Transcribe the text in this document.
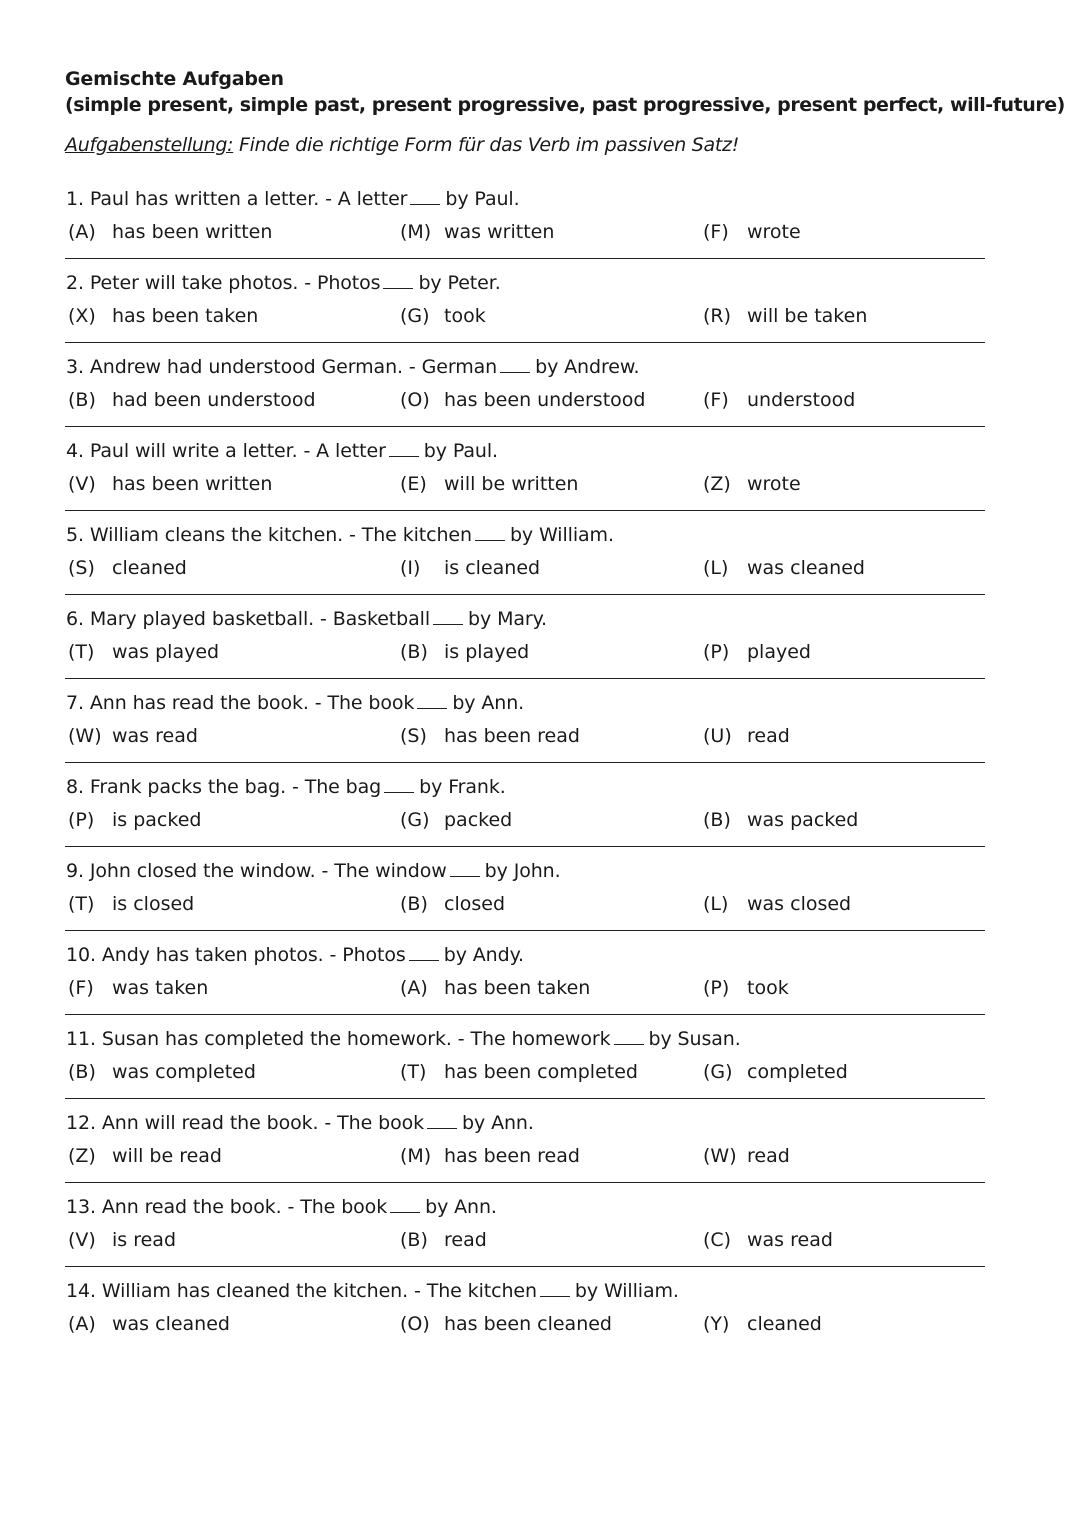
Gemischte Aufgaben

(simple present, simple past, present progressive, past progressive, present perfect, will-future)

Aufgabenstellung: Finde die richtige Form für das Verb im passiven Satz!
1. Paul has written a letter. - A letter by Paul.
(A) has been written	(M) was written	(F) wrote
2. Peter will take photos. - Photos by Peter.
(X) has been taken	(G) took	(R) will be taken
3. Andrew had understood German. - German by Andrew.
(B) had been understood	(O) has been understood	(F) understood
4. Paul will write a letter. - A letter by Paul.
(V) has been written	(E) will be written	(Z) wrote
5. William cleans the kitchen. - The kitchen by William.
(S) cleaned	(I) is cleaned	(L) was cleaned
6. Mary played basketball. - Basketball by Mary.
(T) was played	(B) is played	(P) played
7. Ann has read the book. - The book by Ann.
(W) was read	(S) has been read	(U) read
8. Frank packs the bag. - The bag by Frank.
(P) is packed	(G) packed	(B) was packed
9. John closed the window. - The window by John.
(T) is closed	(B) closed	(L) was closed
10. Andy has taken photos. - Photos by Andy.
(F) was taken	(A) has been taken	(P) took
11. Susan has completed the homework. - The homework by Susan.
(B) was completed	(T) has been completed	(G) completed
12. Ann will read the book. - The book by Ann.
(Z) will be read	(M) has been read	(W) read
13. Ann read the book. - The book by Ann.
(V) is read	(B) read	(C) was read
14. William has cleaned the kitchen. - The kitchen by William.
(A) was cleaned	(O) has been cleaned	(Y) cleaned
